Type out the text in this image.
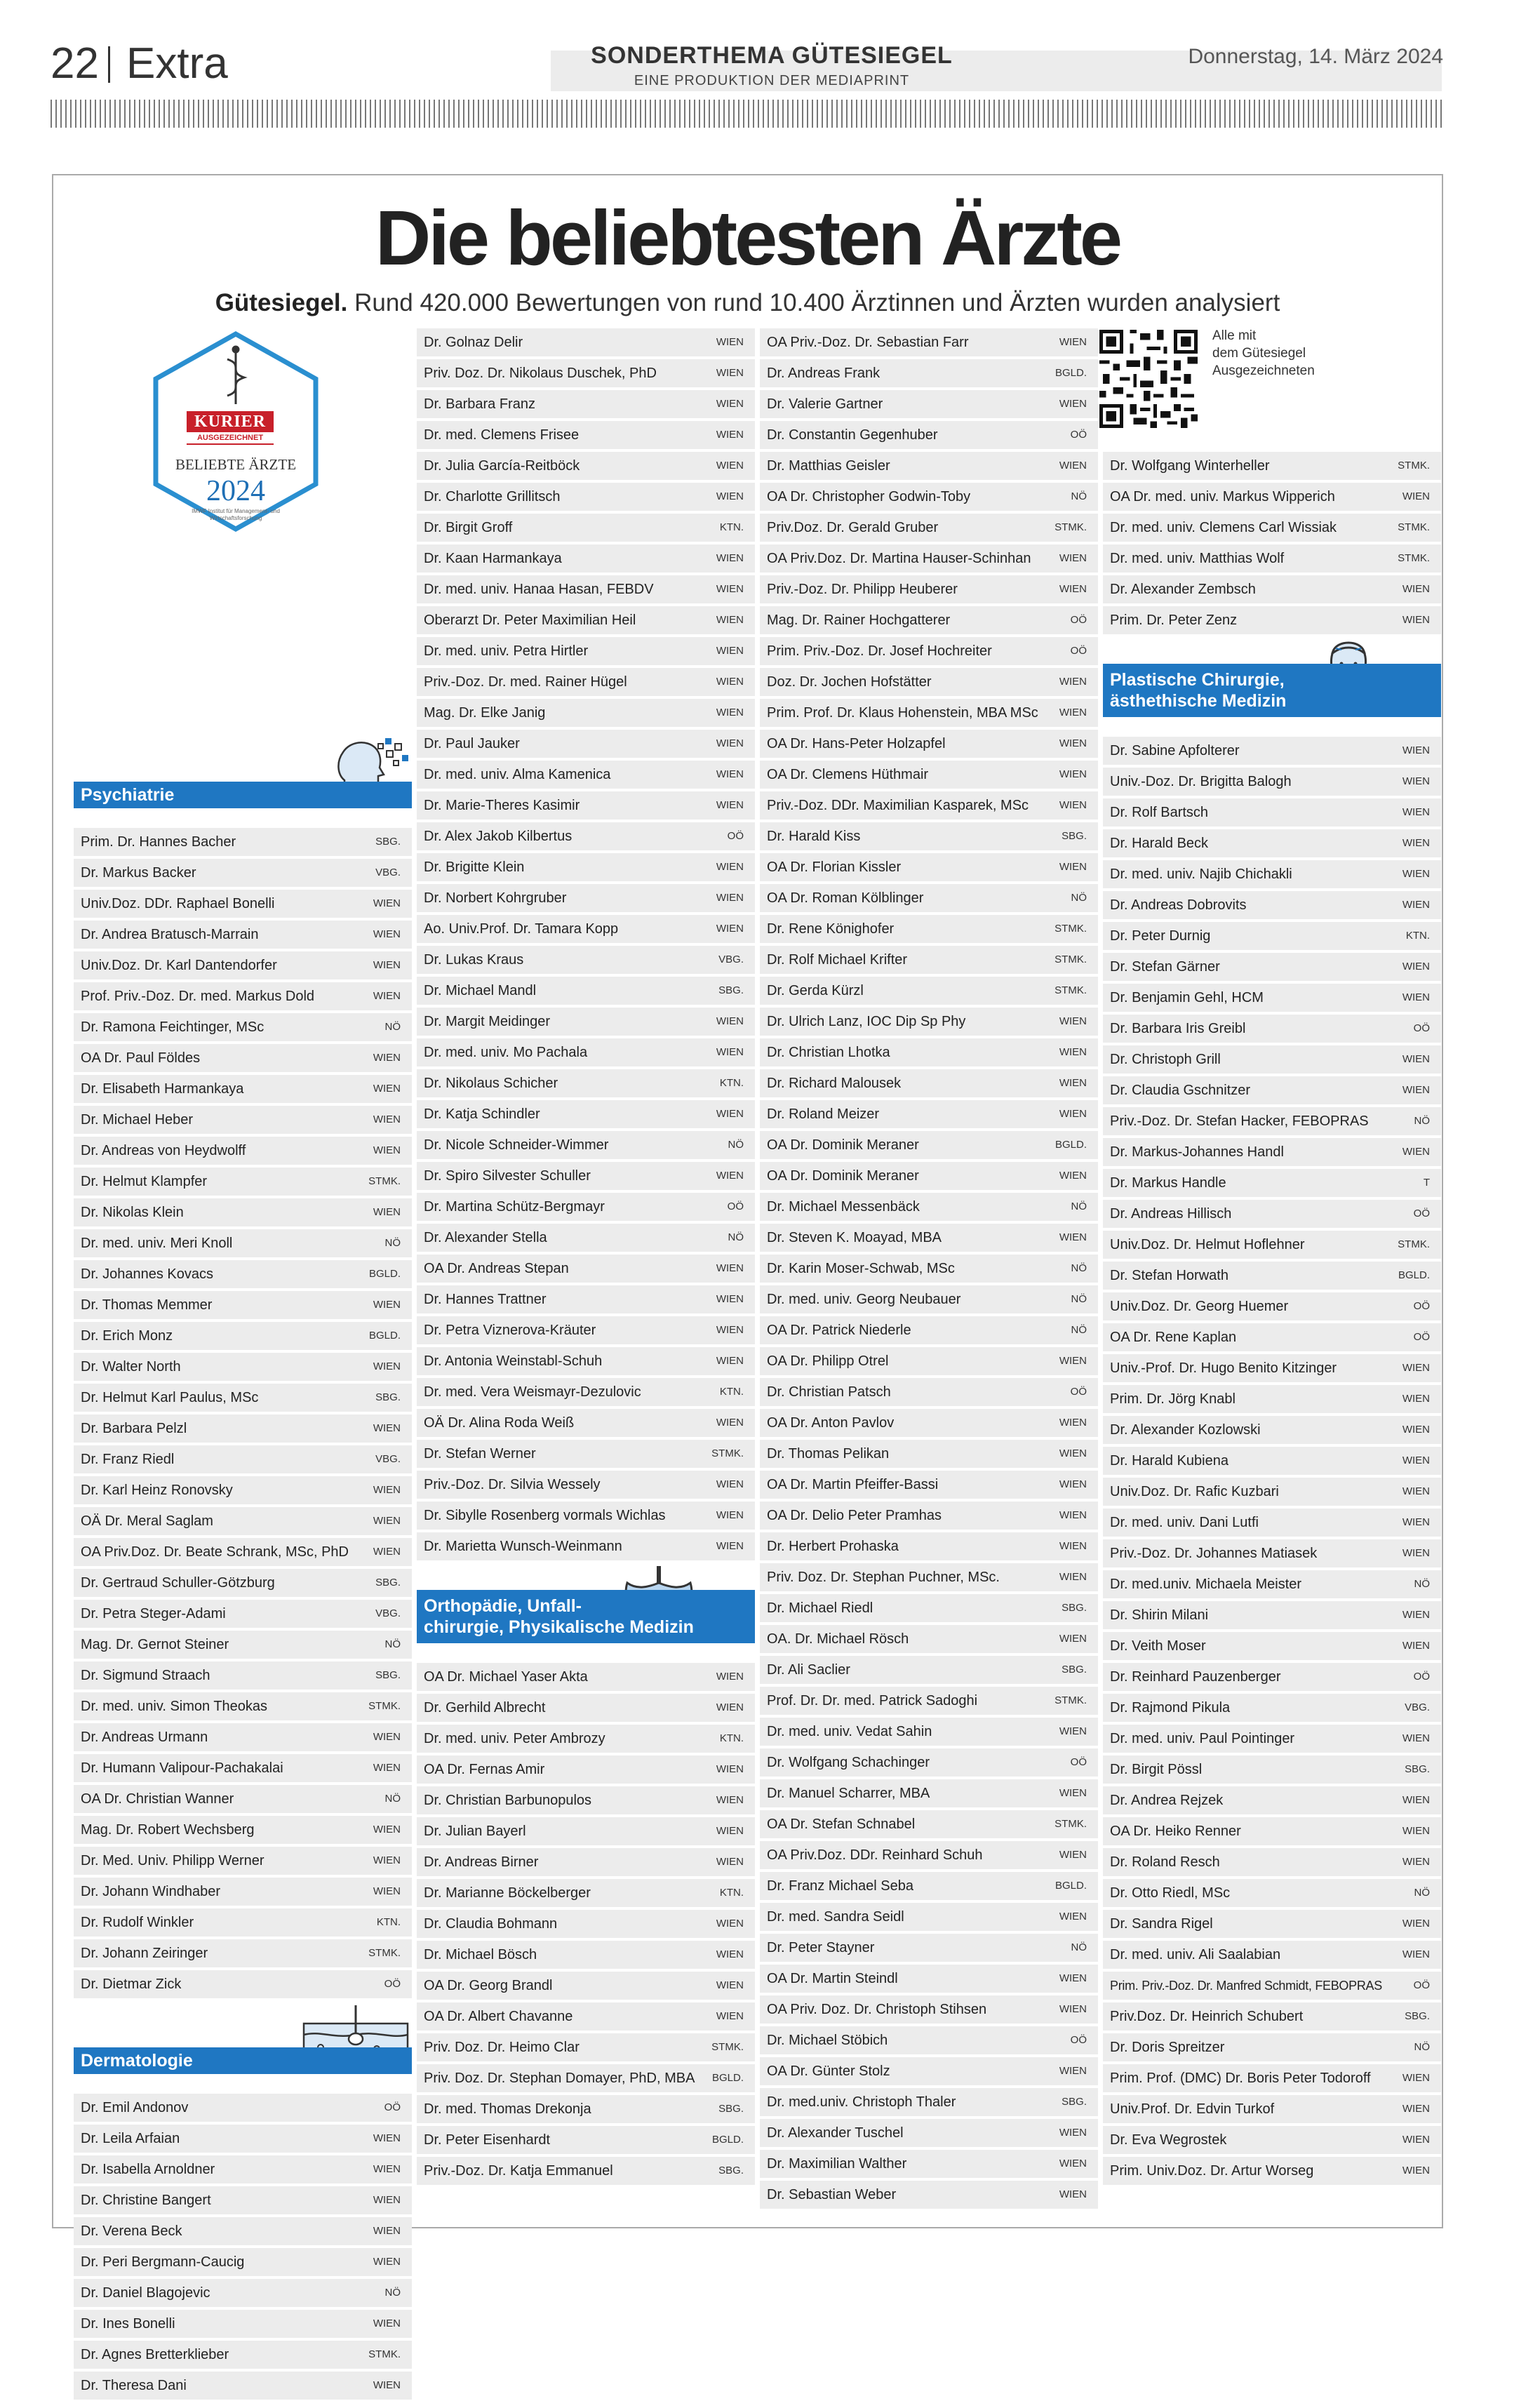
22 Extra	SONDERTHEMA GÜTESIEGEL
EINE PRODUKTION DER MEDIAPRINT
Donnerstag, 14. März 2024
Die beliebtesten Ärzte
Gütesiegel. Rund 420.000 Bewertungen von rund 10.400 Ärztinnen und Ärzten wurden analysiert
KURIER
AUSGEZEICHNET
BELIEBTE ÄRZTE
2024
IMWF Institut für Management- und Wirtschaftsforschung
Alle mit
dem Gütesiegel
Ausgezeichneten
Psychiatrie
Prim. Dr. Hannes Bacher	SBG.
Dr. Markus Backer	VBG.
Univ.Doz. DDr. Raphael Bonelli	WIEN
Dr. Andrea Bratusch-Marrain	WIEN
Univ.Doz. Dr. Karl Dantendorfer	WIEN
Prof. Priv.-Doz. Dr. med. Markus Dold	WIEN
Dr. Ramona Feichtinger, MSc	NÖ
OA Dr. Paul Földes	WIEN
Dr. Elisabeth Harmankaya	WIEN
Dr. Michael Heber	WIEN
Dr. Andreas von Heydwolff	WIEN
Dr. Helmut Klampfer	STMK.
Dr. Nikolas Klein	WIEN
Dr. med. univ. Meri Knoll	NÖ
Dr. Johannes Kovacs	BGLD.
Dr. Thomas Memmer	WIEN
Dr. Erich Monz	BGLD.
Dr. Walter North	WIEN
Dr. Helmut Karl Paulus, MSc	SBG.
Dr. Barbara Pelzl	WIEN
Dr. Franz Riedl	VBG.
Dr. Karl Heinz Ronovsky	WIEN
OÄ Dr. Meral Saglam	WIEN
OA Priv.Doz. Dr. Beate Schrank, MSc, PhD	WIEN
Dr. Gertraud Schuller-Götzburg	SBG.
Dr. Petra Steger-Adami	VBG.
Mag. Dr. Gernot Steiner	NÖ
Dr. Sigmund Straach	SBG.
Dr. med. univ. Simon Theokas	STMK.
Dr. Andreas Urmann	WIEN
Dr. Humann Valipour-Pachakalai	WIEN
OA Dr. Christian Wanner	NÖ
Mag. Dr. Robert Wechsberg	WIEN
Dr. Med. Univ. Philipp Werner	WIEN
Dr. Johann Windhaber	WIEN
Dr. Rudolf Winkler	KTN.
Dr. Johann Zeiringer	STMK.
Dr. Dietmar Zick	OÖ
Dermatologie
Dr. Emil Andonov	OÖ
Dr. Leila Arfaian	WIEN
Dr. Isabella Arnoldner	WIEN
Dr. Christine Bangert	WIEN
Dr. Verena Beck	WIEN
Dr. Peri Bergmann-Caucig	WIEN
Dr. Daniel Blagojevic	NÖ
Dr. Ines Bonelli	WIEN
Dr. Agnes Bretterklieber	STMK.
Dr. Theresa Dani	WIEN
Dr. Golnaz Delir	WIEN
Priv. Doz. Dr. Nikolaus Duschek, PhD	WIEN
Dr. Barbara Franz	WIEN
Dr. med. Clemens Frisee	WIEN
Dr. Julia García-Reitböck	WIEN
Dr. Charlotte Grillitsch	WIEN
Dr. Birgit Groff	KTN.
Dr. Kaan Harmankaya	WIEN
Dr. med. univ. Hanaa Hasan, FEBDV	WIEN
Oberarzt Dr. Peter Maximilian Heil	WIEN
Dr. med. univ. Petra Hirtler	WIEN
Priv.-Doz. Dr. med. Rainer Hügel	WIEN
Mag. Dr. Elke Janig	WIEN
Dr. Paul Jauker	WIEN
Dr. med. univ. Alma Kamenica	WIEN
Dr. Marie-Theres Kasimir	WIEN
Dr. Alex Jakob Kilbertus	OÖ
Dr. Brigitte Klein	WIEN
Dr. Norbert Kohrgruber	WIEN
Ao. Univ.Prof. Dr. Tamara Kopp	WIEN
Dr. Lukas Kraus	VBG.
Dr. Michael Mandl	SBG.
Dr. Margit Meidinger	WIEN
Dr. med. univ. Mo Pachala	WIEN
Dr. Nikolaus Schicher	KTN.
Dr. Katja Schindler	WIEN
Dr. Nicole Schneider-Wimmer	NÖ
Dr. Spiro Silvester Schuller	WIEN
Dr. Martina Schütz-Bergmayr	OÖ
Dr. Alexander Stella	NÖ
OA Dr. Andreas Stepan	WIEN
Dr. Hannes Trattner	WIEN
Dr. Petra Viznerova-Kräuter	WIEN
Dr. Antonia Weinstabl-Schuh	WIEN
Dr. med. Vera Weismayr-Dezulovic	KTN.
OÄ Dr. Alina Roda Weiß	WIEN
Dr. Stefan Werner	STMK.
Priv.-Doz. Dr. Silvia Wessely	WIEN
Dr. Sibylle Rosenberg vormals Wichlas	WIEN
Dr. Marietta Wunsch-Weinmann	WIEN
Orthopädie, Unfall-
chirurgie, Physikalische Medizin
OA Dr. Michael Yaser Akta	WIEN
Dr. Gerhild Albrecht	WIEN
Dr. med. univ. Peter Ambrozy	KTN.
OA Dr. Fernas Amir	WIEN
Dr. Christian Barbunopulos	WIEN
Dr. Julian Bayerl	WIEN
Dr. Andreas Birner	WIEN
Dr. Marianne Böckelberger	KTN.
Dr. Claudia Bohmann	WIEN
Dr. Michael Bösch	WIEN
OA Dr. Georg Brandl	WIEN
OA Dr. Albert Chavanne	WIEN
Priv. Doz. Dr. Heimo Clar	STMK.
Priv. Doz. Dr. Stephan Domayer, PhD, MBA	BGLD.
Dr. med. Thomas Drekonja	SBG.
Dr. Peter Eisenhardt	BGLD.
Priv.-Doz. Dr. Katja Emmanuel	SBG.
OA Priv.-Doz. Dr. Sebastian Farr	WIEN
Dr. Andreas Frank	BGLD.
Dr. Valerie Gartner	WIEN
Dr. Constantin Gegenhuber	OÖ
Dr. Matthias Geisler	WIEN
OA Dr. Christopher Godwin-Toby	NÖ
Priv.Doz. Dr. Gerald Gruber	STMK.
OA Priv.Doz. Dr. Martina Hauser-Schinhan	WIEN
Priv.-Doz. Dr. Philipp Heuberer	WIEN
Mag. Dr. Rainer Hochgatterer	OÖ
Prim. Priv.-Doz. Dr. Josef Hochreiter	OÖ
Doz. Dr. Jochen Hofstätter	WIEN
Prim. Prof. Dr. Klaus Hohenstein, MBA MSc	WIEN
OA Dr. Hans-Peter Holzapfel	WIEN
OA Dr. Clemens Hüthmair	WIEN
Priv.-Doz. DDr. Maximilian Kasparek, MSc	WIEN
Dr. Harald Kiss	SBG.
OA Dr. Florian Kissler	WIEN
OA Dr. Roman Kölblinger	NÖ
Dr. Rene Könighofer	STMK.
Dr. Rolf Michael Krifter	STMK.
Dr. Gerda Kürzl	STMK.
Dr. Ulrich Lanz, IOC Dip Sp Phy	WIEN
Dr. Christian Lhotka	WIEN
Dr. Richard Malousek	WIEN
Dr. Roland Meizer	WIEN
OA Dr. Dominik Meraner	BGLD.
OA Dr. Dominik Meraner	WIEN
Dr. Michael Messenbäck	NÖ
Dr. Steven K. Moayad, MBA	WIEN
Dr. Karin Moser-Schwab, MSc	NÖ
Dr. med. univ. Georg Neubauer	NÖ
OA Dr. Patrick Niederle	NÖ
OA Dr. Philipp Otrel	WIEN
Dr. Christian Patsch	OÖ
OA Dr. Anton Pavlov	WIEN
Dr. Thomas Pelikan	WIEN
OA Dr. Martin Pfeiffer-Bassi	WIEN
OA Dr. Delio Peter Pramhas	WIEN
Dr. Herbert Prohaska	WIEN
Priv. Doz. Dr. Stephan Puchner, MSc.	WIEN
Dr. Michael Riedl	SBG.
OA. Dr. Michael Rösch	WIEN
Dr. Ali Saclier	SBG.
Prof. Dr. Dr. med. Patrick Sadoghi	STMK.
Dr. med. univ. Vedat Sahin	WIEN
Dr. Wolfgang Schachinger	OÖ
Dr. Manuel Scharrer, MBA	WIEN
OA Dr. Stefan Schnabel	STMK.
OA Priv.Doz. DDr. Reinhard Schuh	WIEN
Dr. Franz Michael Seba	BGLD.
Dr. med. Sandra Seidl	WIEN
Dr. Peter Stayner	NÖ
OA Dr. Martin Steindl	WIEN
OA Priv. Doz. Dr. Christoph Stihsen	WIEN
Dr. Michael Stöbich	OÖ
OA Dr. Günter Stolz	WIEN
Dr. med.univ. Christoph Thaler	SBG.
Dr. Alexander Tuschel	WIEN
Dr. Maximilian Walther	WIEN
Dr. Sebastian Weber	WIEN
Dr. Wolfgang Winterheller	STMK.
OA Dr. med. univ. Markus Wipperich	WIEN
Dr. med. univ. Clemens Carl Wissiak	STMK.
Dr. med. univ. Matthias Wolf	STMK.
Dr. Alexander Zembsch	WIEN
Prim. Dr. Peter Zenz	WIEN
Plastische Chirurgie,
ästhethische Medizin
Dr. Sabine Apfolterer	WIEN
Univ.-Doz. Dr. Brigitta Balogh	WIEN
Dr. Rolf Bartsch	WIEN
Dr. Harald Beck	WIEN
Dr. med. univ. Najib Chichakli	WIEN
Dr. Andreas Dobrovits	WIEN
Dr. Peter Durnig	KTN.
Dr. Stefan Gärner	WIEN
Dr. Benjamin Gehl, HCM	WIEN
Dr. Barbara Iris Greibl	OÖ
Dr. Christoph Grill	WIEN
Dr. Claudia Gschnitzer	WIEN
Priv.-Doz. Dr. Stefan Hacker, FEBOPRAS	NÖ
Dr. Markus-Johannes Handl	WIEN
Dr. Markus Handle	T
Dr. Andreas Hillisch	OÖ
Univ.Doz. Dr. Helmut Hoflehner	STMK.
Dr. Stefan Horwath	BGLD.
Univ.Doz. Dr. Georg Huemer	OÖ
OA Dr. Rene Kaplan	OÖ
Univ.-Prof. Dr. Hugo Benito Kitzinger	WIEN
Prim. Dr. Jörg Knabl	WIEN
Dr. Alexander Kozlowski	WIEN
Dr. Harald Kubiena	WIEN
Univ.Doz. Dr. Rafic Kuzbari	WIEN
Dr. med. univ. Dani Lutfi	WIEN
Priv.-Doz. Dr. Johannes Matiasek	WIEN
Dr. med.univ. Michaela Meister	NÖ
Dr. Shirin Milani	WIEN
Dr. Veith Moser	WIEN
Dr. Reinhard Pauzenberger	OÖ
Dr. Rajmond Pikula	VBG.
Dr. med. univ. Paul Pointinger	WIEN
Dr. Birgit Pössl	SBG.
Dr. Andrea Rejzek	WIEN
OA Dr. Heiko Renner	WIEN
Dr. Roland Resch	WIEN
Dr. Otto Riedl, MSc	NÖ
Dr. Sandra Rigel	WIEN
Dr. med. univ. Ali Saalabian	WIEN
Prim. Priv.-Doz. Dr. Manfred Schmidt, FEBOPRAS	OÖ
Priv.Doz. Dr. Heinrich Schubert	SBG.
Dr. Doris Spreitzer	NÖ
Prim. Prof. (DMC) Dr. Boris Peter Todoroff	WIEN
Univ.Prof. Dr. Edvin Turkof	WIEN
Dr. Eva Wegrostek	WIEN
Prim. Univ.Doz. Dr. Artur Worseg	WIEN
